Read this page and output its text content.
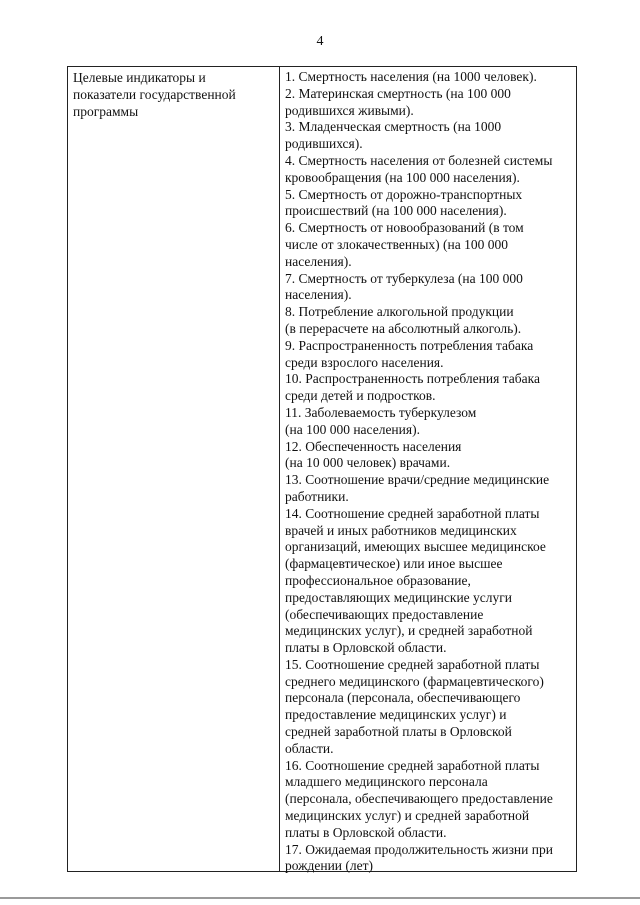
4
Целевые индикаторы и
показатели государственной
программы
1. Смертность населения (на 1000 человек).
2. Материнская смертность (на 100 000
родившихся живыми).
3. Младенческая смертность (на 1000
родившихся).
4. Смертность населения от болезней системы
кровообращения (на 100 000 населения).
5. Смертность от дорожно-транспортных
происшествий (на 100 000 населения).
6. Смертность от новообразований (в том
числе от злокачественных) (на 100 000
населения).
7. Смертность от туберкулеза (на 100 000
населения).
8. Потребление алкогольной продукции
(в перерасчете на абсолютный алкоголь).
9. Распространенность потребления табака
среди взрослого населения.
10. Распространенность потребления табака
среди детей и подростков.
11. Заболеваемость туберкулезом
(на 100 000 населения).
12. Обеспеченность населения
(на 10 000 человек) врачами.
13. Соотношение врачи/средние медицинские
работники.
14. Соотношение средней заработной платы
врачей и иных работников медицинских
организаций, имеющих высшее медицинское
(фармацевтическое) или иное высшее
профессиональное образование,
предоставляющих медицинские услуги
(обеспечивающих предоставление
медицинских услуг), и средней заработной
платы в Орловской области.
15. Соотношение средней заработной платы
среднего медицинского (фармацевтического)
персонала (персонала, обеспечивающего
предоставление медицинских услуг) и
средней заработной платы в Орловской
области.
16. Соотношение средней заработной платы
младшего медицинского персонала
(персонала, обеспечивающего предоставление
медицинских услуг) и средней заработной
платы в Орловской области.
17. Ожидаемая продолжительность жизни при
рождении (лет)
